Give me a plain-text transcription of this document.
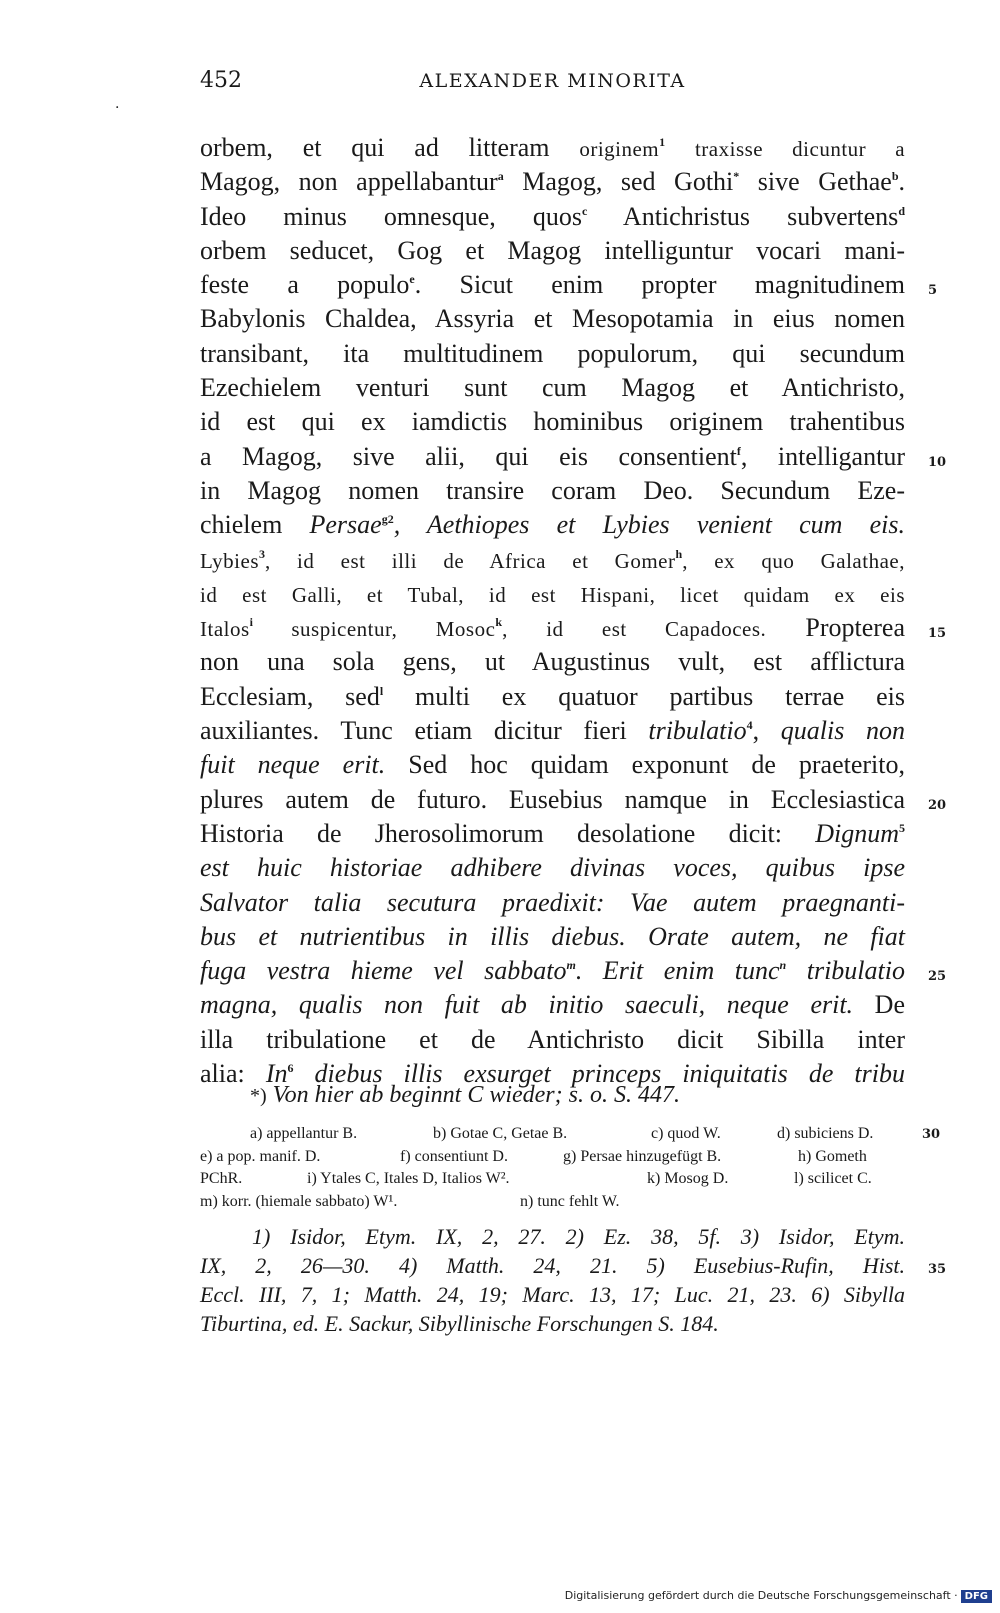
452	ALEXANDER MINORITA
·
orbem, et qui ad litteram originem$^1$ traxisse dicuntur a
Magog, non appellabantur$^a$ Magog, sed Gothi* sive Gethae$^b$.
Ideo minus omnesque, quos$^c$ Antichristus subvertens$^d$
orbem seducet, Gog et Magog intelliguntur vocari mani-
feste a populo$^e$. Sicut enim propter magnitudinem 5
Babylonis Chaldea, Assyria et Mesopotamia in eius nomen
transibant, ita multitudinem populorum, qui secundum
Ezechielem venturi sunt cum Magog et Antichristo,
id est qui ex iamdictis hominibus originem trahentibus
a Magog, sive alii, qui eis consentient$^f$, intelligantur 10
in Magog nomen transire coram Deo. Secundum Eze-
chielem Persae$^{g2}$, Aethiopes et Lybies venient cum eis.
Lybies$^3$, id est illi de Africa et Gomer$^h$, ex quo Galathae,
id est Galli, et Tubal, id est Hispani, licet quidam ex eis
Italos$^i$ suspicentur, Mosoc$^k$, id est Capadoces. Propterea 15
non una sola gens, ut Augustinus vult, est afflictura
Ecclesiam, sed$^l$ multi ex quatuor partibus terrae eis
auxiliantes. Tunc etiam dicitur fieri tribulatio$^4$, qualis non
fuit neque erit. Sed hoc quidam exponunt de praeterito,
plures autem de futuro. Eusebius namque in Ecclesiastica 20
Historia de Jherosolimorum desolatione dicit: Dignum$^5$
est huic historiae adhibere divinas voces, quibus ipse
Salvator talia secutura praedixit: Vae autem praegnanti-
bus et nutrientibus in illis diebus. Orate autem, ne fiat
fuga vestra hieme vel sabbato$^m$. Erit enim tunc$^n$ tribulatio 25
magna, qualis non fuit ab initio saeculi, neque erit. De
illa tribulatione et de Antichristo dicit Sibilla inter
alia: In$^6$ diebus illis exsurget princeps iniquitatis de tribu
*) Von hier ab beginnt C wieder; s. o. S. 447.
a) appellantur B.	b) Gotae C, Getae B.	c) quod W.	d) subiciens D.	30
e) a pop. manif. D.	f) consentiunt D.	g) Persae hinzugefügt B.	h) Gometh
PChR.	i) Ytales C, Itales D, Italios W².	k) Mosog D.	l) scilicet C.
m) korr. (hiemale sabbato) W¹.	n) tunc fehlt W.
1) Isidor, Etym. IX, 2, 27. 2) Ez. 38, 5f. 3) Isidor, Etym.
IX, 2, 26—30. 4) Matth. 24, 21. 5) Eusebius-Rufin, Hist. 35
Eccl. III, 7, 1; Matth. 24, 19; Marc. 13, 17; Luc. 21, 23. 6) Sibylla
Tiburtina, ed. E. Sackur, Sibyllinische Forschungen S. 184.
Digitalisierung gefördert durch die Deutsche Forschungsgemeinschaft · DFG
